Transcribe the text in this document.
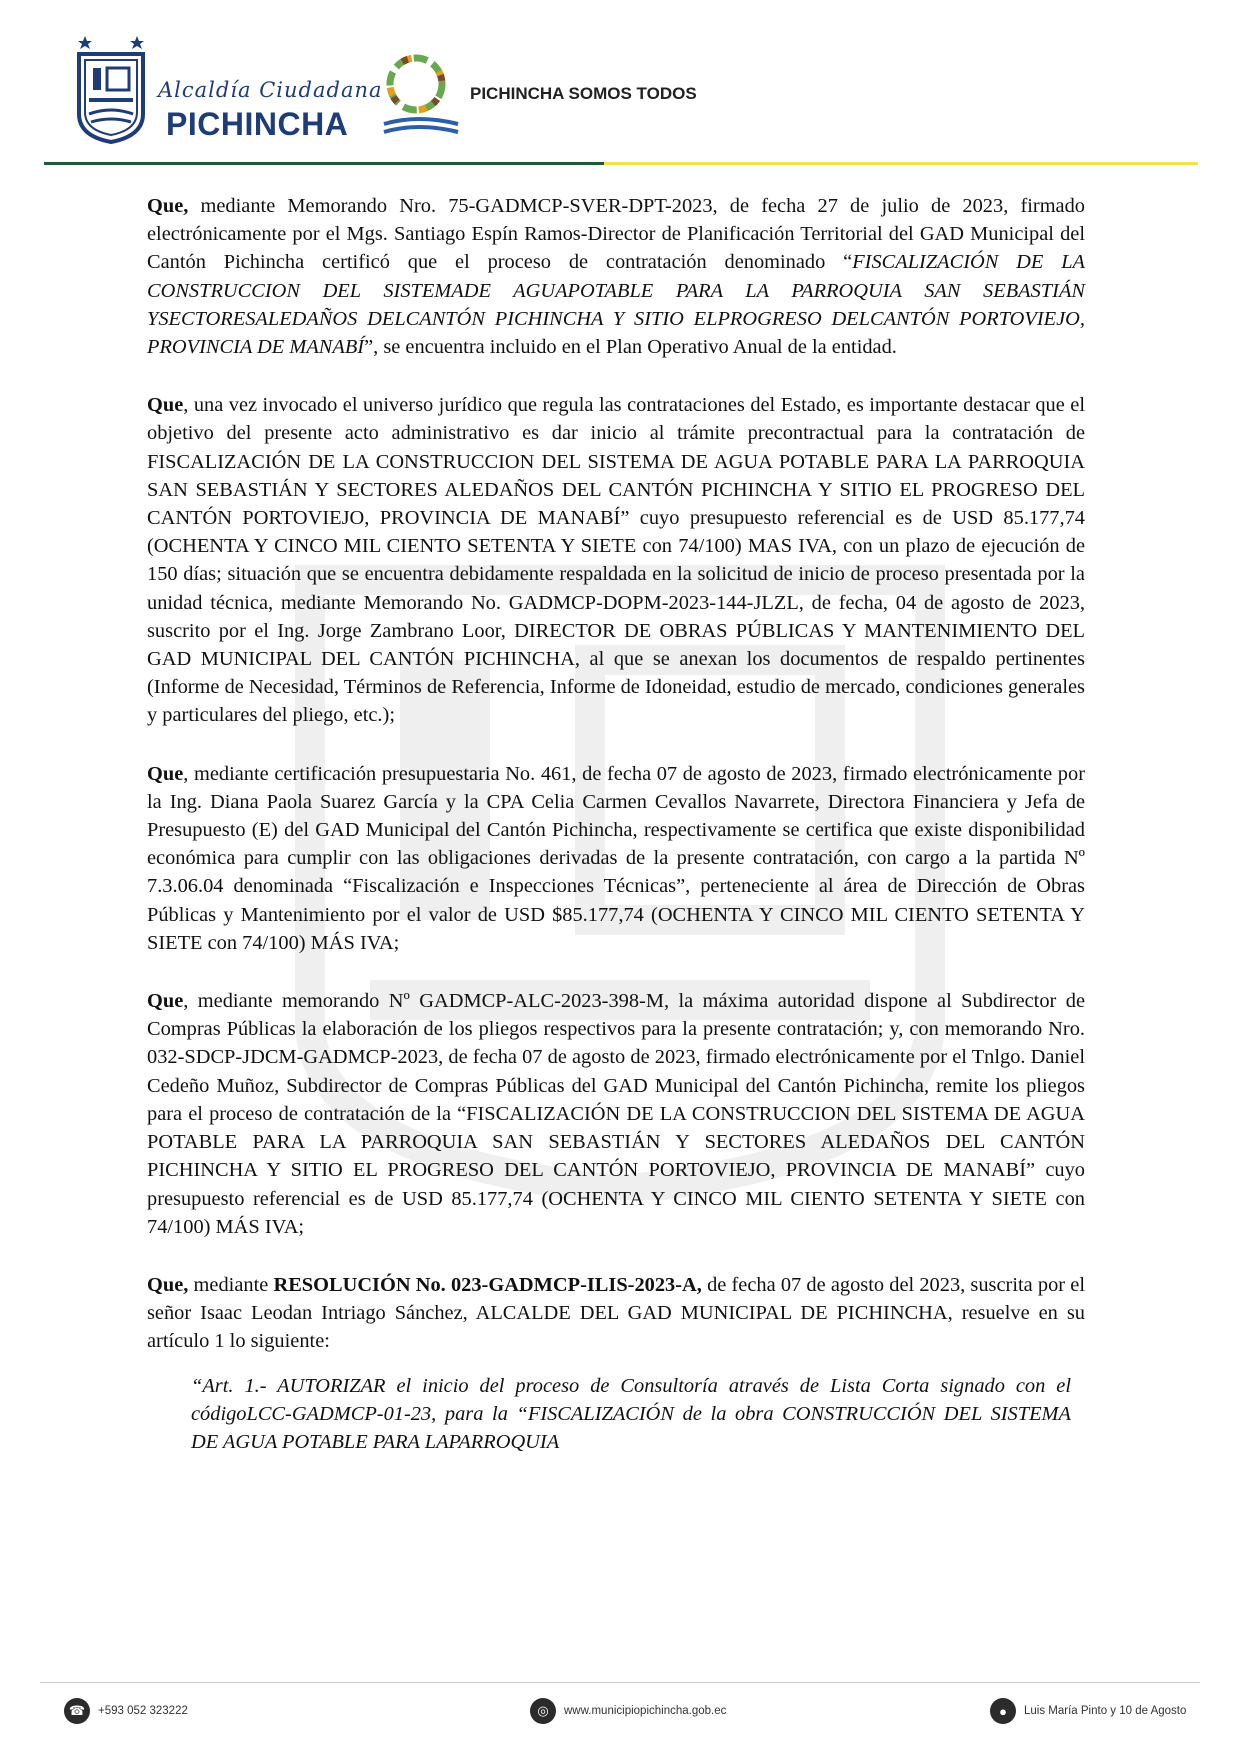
Alcaldía Ciudadana
PICHINCHA
PICHINCHA SOMOS TODOS

Que, mediante Memorando Nro. 75-GADMCP-SVER-DPT-2023, de fecha 27 de julio de 2023, firmado electrónicamente por el Mgs. Santiago Espín Ramos-Director de Planificación Territorial del GAD Municipal del Cantón Pichincha certificó que el proceso de contratación denominado “FISCALIZACIÓN DE LA CONSTRUCCION DEL SISTEMADE AGUAPOTABLE PARA LA PARROQUIA SAN SEBASTIÁN YSECTORESALEDAÑOS DELCANTÓN PICHINCHA Y SITIO ELPROGRESO DELCANTÓN PORTOVIEJO, PROVINCIA DE MANABÍ”, se encuentra incluido en el Plan Operativo Anual de la entidad.

Que, una vez invocado el universo jurídico que regula las contrataciones del Estado, es importante destacar que el objetivo del presente acto administrativo es dar inicio al trámite precontractual para la contratación de FISCALIZACIÓN DE LA CONSTRUCCION DEL SISTEMA DE AGUA POTABLE PARA LA PARROQUIA SAN SEBASTIÁN Y SECTORES ALEDAÑOS DEL CANTÓN PICHINCHA Y SITIO EL PROGRESO DEL CANTÓN PORTOVIEJO, PROVINCIA DE MANABÍ” cuyo presupuesto referencial es de USD 85.177,74 (OCHENTA Y CINCO MIL CIENTO SETENTA Y SIETE con 74/100) MAS IVA, con un plazo de ejecución de 150 días; situación que se encuentra debidamente respaldada en la solicitud de inicio de proceso presentada por la unidad técnica, mediante Memorando No. GADMCP-DOPM-2023-144-JLZL, de fecha, 04 de agosto de 2023, suscrito por el Ing. Jorge Zambrano Loor, DIRECTOR DE OBRAS PÚBLICAS Y MANTENIMIENTO DEL GAD MUNICIPAL DEL CANTÓN PICHINCHA, al que se anexan los documentos de respaldo pertinentes (Informe de Necesidad, Términos de Referencia, Informe de Idoneidad, estudio de mercado, condiciones generales y particulares del pliego, etc.);

Que, mediante certificación presupuestaria No. 461, de fecha 07 de agosto de 2023, firmado electrónicamente por la Ing. Diana Paola Suarez García y la CPA Celia Carmen Cevallos Navarrete, Directora Financiera y Jefa de Presupuesto (E) del GAD Municipal del Cantón Pichincha, respectivamente se certifica que existe disponibilidad económica para cumplir con las obligaciones derivadas de la presente contratación, con cargo a la partida Nº 7.3.06.04 denominada “Fiscalización e Inspecciones Técnicas”, perteneciente al área de Dirección de Obras Públicas y Mantenimiento por el valor de USD $85.177,74 (OCHENTA Y CINCO MIL CIENTO SETENTA Y SIETE con 74/100) MÁS IVA;

Que, mediante memorando Nº GADMCP-ALC-2023-398-M, la máxima autoridad dispone al Subdirector de Compras Públicas la elaboración de los pliegos respectivos para la presente contratación; y, con memorando Nro. 032-SDCP-JDCM-GADMCP-2023, de fecha 07 de agosto de 2023, firmado electrónicamente por el Tnlgo. Daniel Cedeño Muñoz, Subdirector de Compras Públicas del GAD Municipal del Cantón Pichincha, remite los pliegos para el proceso de contratación de la “FISCALIZACIÓN DE LA CONSTRUCCION DEL SISTEMA DE AGUA POTABLE PARA LA PARROQUIA SAN SEBASTIÁN Y SECTORES ALEDAÑOS DEL CANTÓN PICHINCHA Y SITIO EL PROGRESO DEL CANTÓN PORTOVIEJO, PROVINCIA DE MANABÍ” cuyo presupuesto referencial es de USD 85.177,74 (OCHENTA Y CINCO MIL CIENTO SETENTA Y SIETE con 74/100) MÁS IVA;

Que, mediante RESOLUCIÓN No. 023-GADMCP-ILIS-2023-A, de fecha 07 de agosto del 2023, suscrita por el señor Isaac Leodan Intriago Sánchez, ALCALDE DEL GAD MUNICIPAL DE PICHINCHA, resuelve en su artículo 1 lo siguiente:

“Art. 1.- AUTORIZAR el inicio del proceso de Consultoría através de Lista Corta signado con el códigoLCC-GADMCP-01-23, para la “FISCALIZACIÓN de la obra CONSTRUCCIÓN DEL SISTEMA DE AGUA POTABLE PARA LAPARROQUIA

☎	+593 052 323222	◎	www.municipiopichincha.gob.ec	●	Luis María Pinto y 10 de Agosto
